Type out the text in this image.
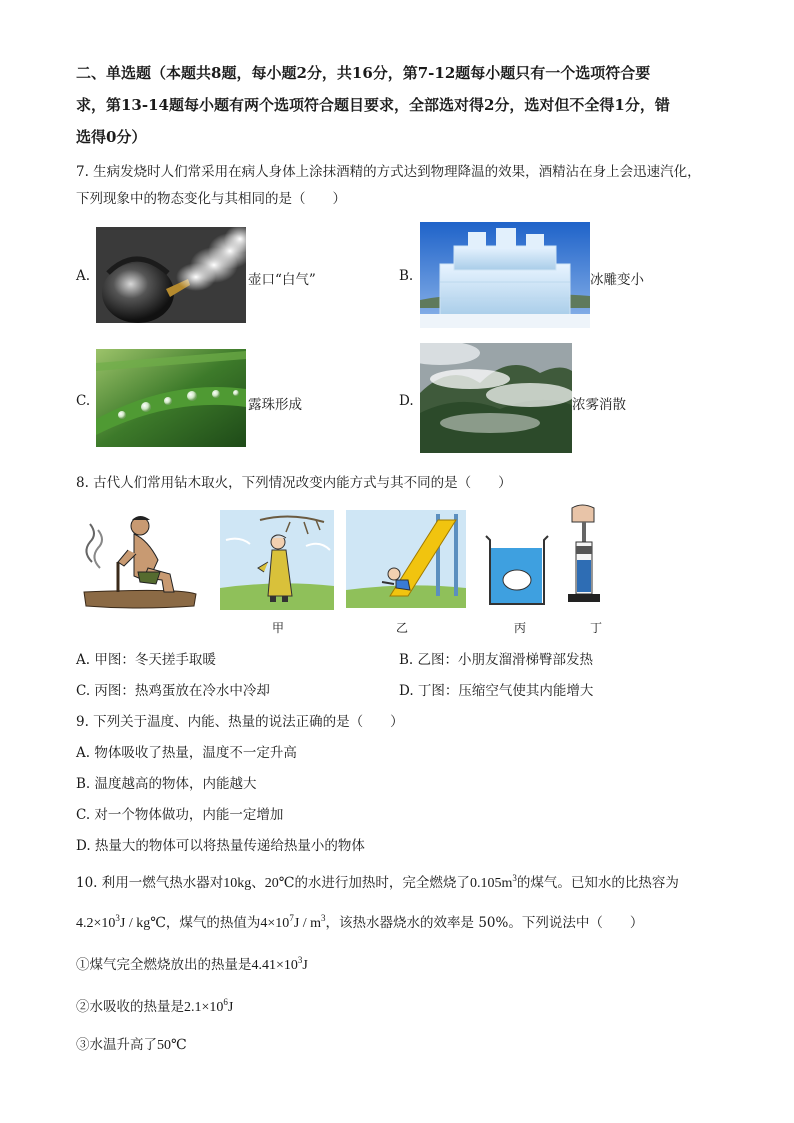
二、单选题（本题共8题，每小题2分，共16分，第7-12题每小题只有一个选项符合要
求，第13-14题每小题有两个选项符合题目要求，全部选对得2分，选对但不全得1分，错
选得0分）
7. 生病发烧时人们常采用在病人身体上涂抹酒精的方式达到物理降温的效果，酒精沾在身上会迅速汽化，
下列现象中的物态变化与其相同的是（　　）
A.	壶口“白气”	B.	冰雕变小
C.	露珠形成	D.	浓雾消散
8. 古代人们常用钻木取火，下列情况改变内能方式与其不同的是（　　）
甲	乙	丙	丁
A. 甲图：冬天搓手取暖	B. 乙图：小朋友溜滑梯臀部发热
C. 丙图：热鸡蛋放在冷水中冷却	D. 丁图：压缩空气使其内能增大
9. 下列关于温度、内能、热量的说法正确的是（　　）
A. 物体吸收了热量，温度不一定升高
B. 温度越高的物体，内能越大
C. 对一个物体做功，内能一定增加
D. 热量大的物体可以将热量传递给热量小的物体
10. 利用一燃气热水器对10kg、20℃的水进行加热时，完全燃烧了$0.105m^3$的煤气。已知水的比热容为
$4.2\times 10^3J$ / kg℃，煤气的热值为$4\times 10^7J / m^3$，该热水器烧水的效率是 50%。下列说法中（　　）
①煤气完全燃烧放出的热量是$4.41\times 10^3J$
②水吸收的热量是$2.1\times 10^6J$
③水温升高了50℃
